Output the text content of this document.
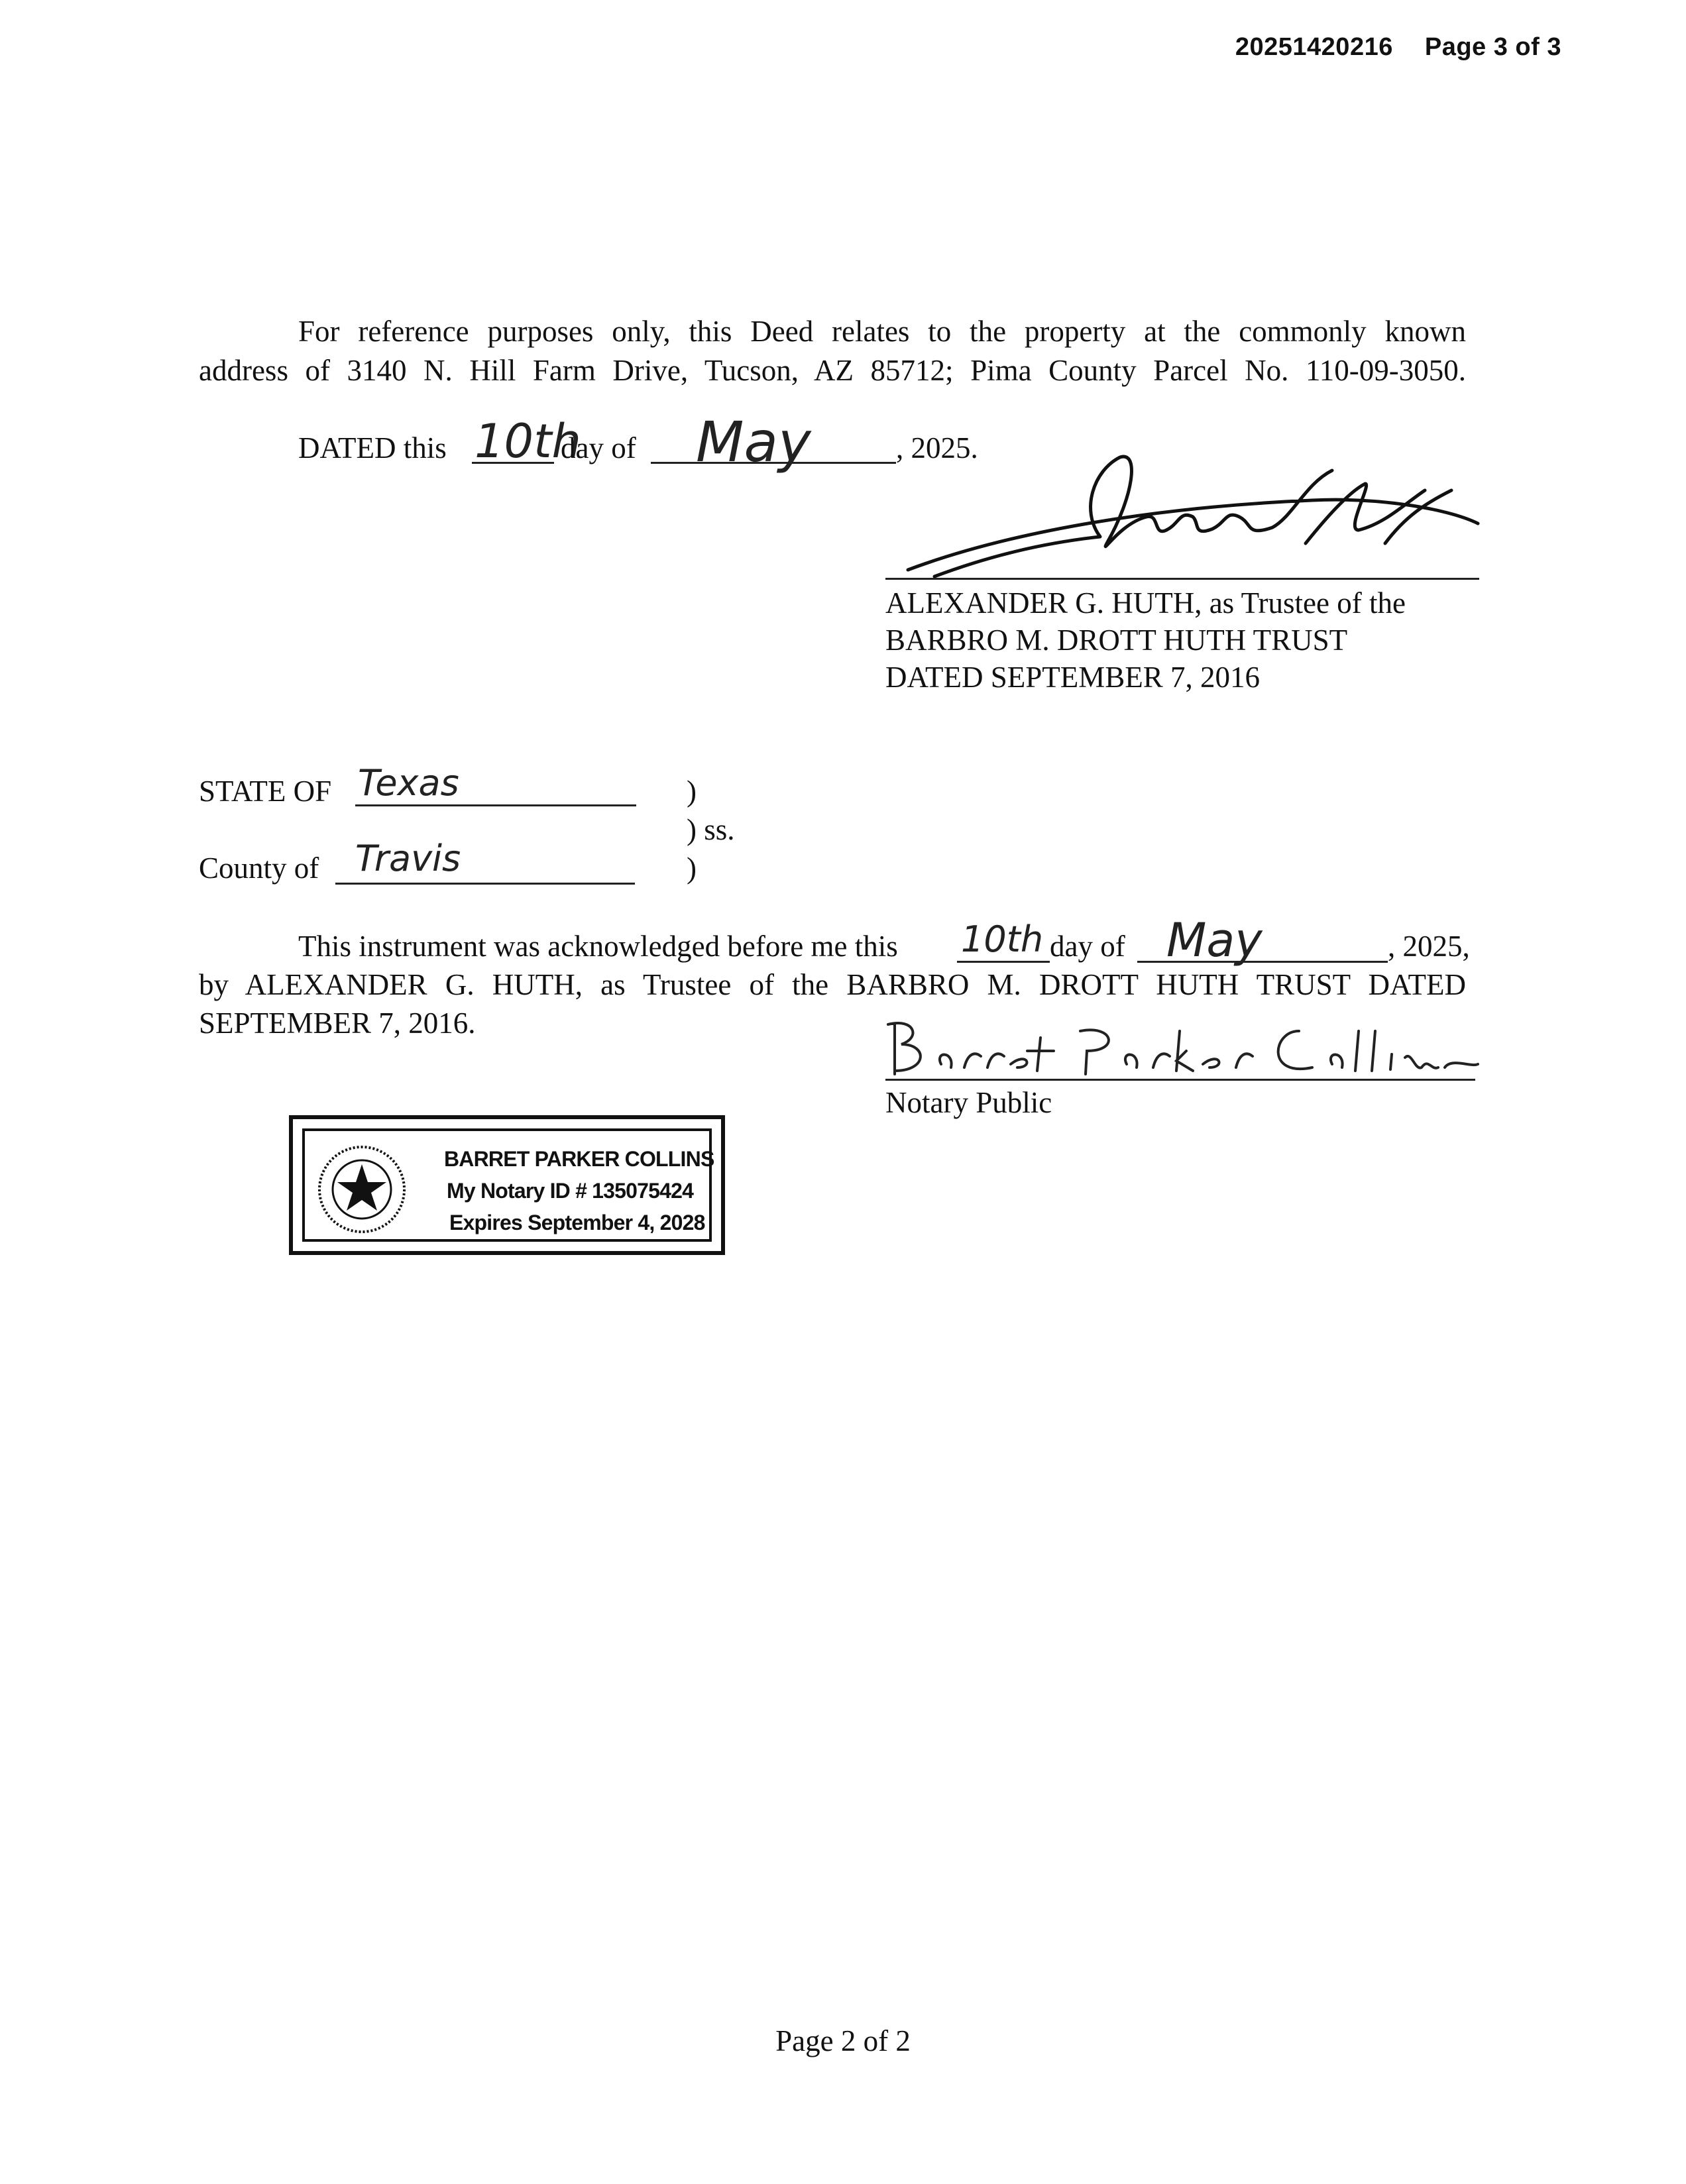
20251420216 Page 3 of 3
For reference purposes only, this Deed relates to the property at the commonly known
address of 3140 N. Hill Farm Drive, Tucson, AZ 85712; Pima County Parcel No. 110-09-3050.
DATED this 10th
day of May	, 2025.
ALEXANDER G. HUTH, as Trustee of the
BARBRO M. DROTT HUTH TRUST
DATED SEPTEMBER 7, 2016
STATE OF Texas	)
) ss.
County of Travis	)
This instrument was acknowledged before me this 10th day of May	, 2025,
by ALEXANDER G. HUTH, as Trustee of the BARBRO M. DROTT HUTH TRUST DATED
SEPTEMBER 7, 2016.
Notary Public
BARRET PARKER COLLINS
My Notary ID # 135075424
Expires September 4, 2028
Page 2 of 2
